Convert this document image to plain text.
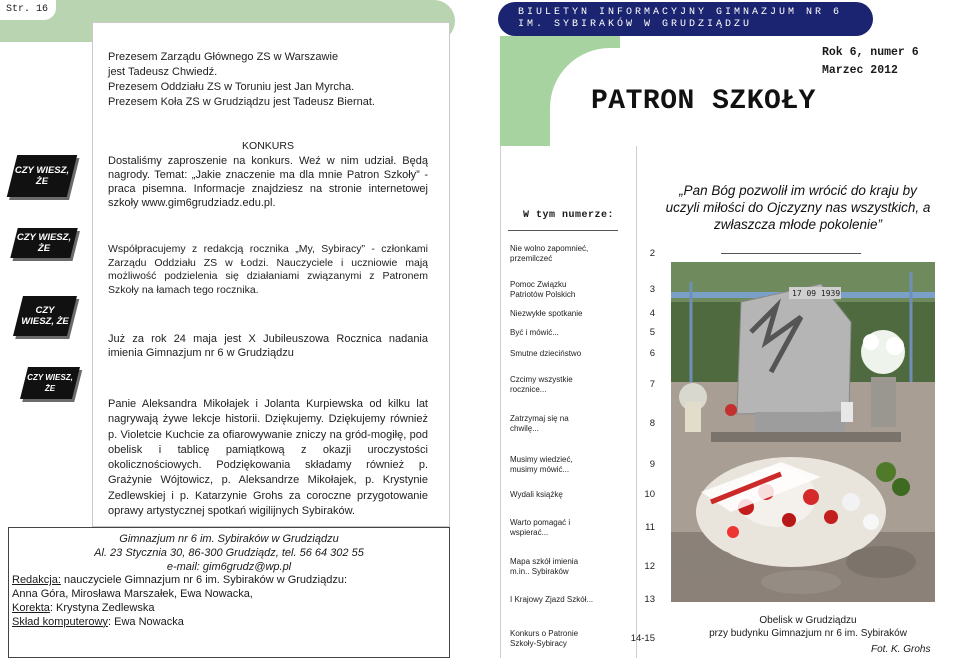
Str. 16
Prezesem Zarządu Głównego ZS w Warszawie
jest Tadeusz Chwiedź.
Prezesem Oddziału ZS w Toruniu jest Jan Myrcha.
Prezesem Koła ZS w Grudziądzu jest Tadeusz Biernat.
KONKURS
Dostaliśmy zaproszenie na konkurs. Weź w nim udział. Będą nagrody. Temat: „Jakie znaczenie ma dla mnie Patron Szkoły” - praca pisemna. Informacje znajdziesz na stronie internetowej szkoły www.gim6grudziadz.edu.pl.
Współpracujemy z redakcją rocznika „My, Sybiracy” - członkami Zarządu Oddziału ZS w Łodzi. Nauczyciele i uczniowie mają możliwość podzielenia się działaniami związanymi z Patronem Szkoły na łamach tego rocznika.
Już za rok 24 maja jest X Jubileuszowa Rocznica nadania imienia Gimnazjum nr 6 w Grudziądzu
Panie Aleksandra Mikołajek i Jolanta Kurpiewska od kilku lat nagrywają żywe lekcje historii. Dziękujemy. Dziękujemy również p. Violetcie Kuchcie za ofiarowywanie zniczy na gród-mogiłę, pod obelisk i tablicę pamiątkową z okazji uroczystości okolicznościowych. Podziękowania składamy również p. Grażynie Wójtowicz, p. Aleksandrze Mikołajek, p. Krystynie Zedlewskiej i p. Katarzynie Grohs za coroczne przygotowanie oprawy artystycznej spotkań wigilijnych Sybiraków.
CZY WIESZ, ŻE
CZY WIESZ, ŻE
CZY WIESZ, ŻE
CZY WIESZ, ŻE
Gimnazjum nr 6 im. Sybiraków w Grudziądzu
Al. 23 Stycznia 30, 86-300 Grudziądz, tel. 56 64 302 55
e-mail: gim6grudz@wp.pl
Redakcja: nauczyciele Gimnazjum nr 6 im. Sybiraków w Grudziądzu:
Anna Góra, Mirosława Marszałek, Ewa Nowacka,
Korekta: Krystyna Zedlewska
Skład komputerowy: Ewa Nowacka
BIULETYN INFORMACYJNY GIMNAZJUM NR 6
IM. SYBIRAKÓW W GRUDZIĄDZU
Rok 6, numer 6
Marzec 2012
PATRON SZKOŁY
W tym numerze:
Nie wolno zapomnieć, przemilczeć	2
Pomoc Związku Patriotów Polskich	3
Niezwykłe spotkanie	4
Być i mówić...	5
Smutne dzieciństwo	6
Czcimy wszystkie rocznice...	7
Zatrzymaj się na chwilę...	8
Musimy wiedzieć, musimy mówić...	9
Wydali książkę	10
Warto pomagać i wspierać...	11
Mapa szkół imienia m.in.. Sybiraków	12
I Krajowy Zjazd Szkół...	13
Konkurs o Patronie Szkoły-Sybiracy	14-15
„Pan Bóg pozwolił im wrócić do kraju by uczyli miłości do Ojczyzny nas wszystkich, a zwłaszcza młode pokolenie”
17 09 1939
Obelisk w Grudziądzu
przy budynku Gimnazjum nr 6 im. Sybiraków
Fot. K. Grohs
